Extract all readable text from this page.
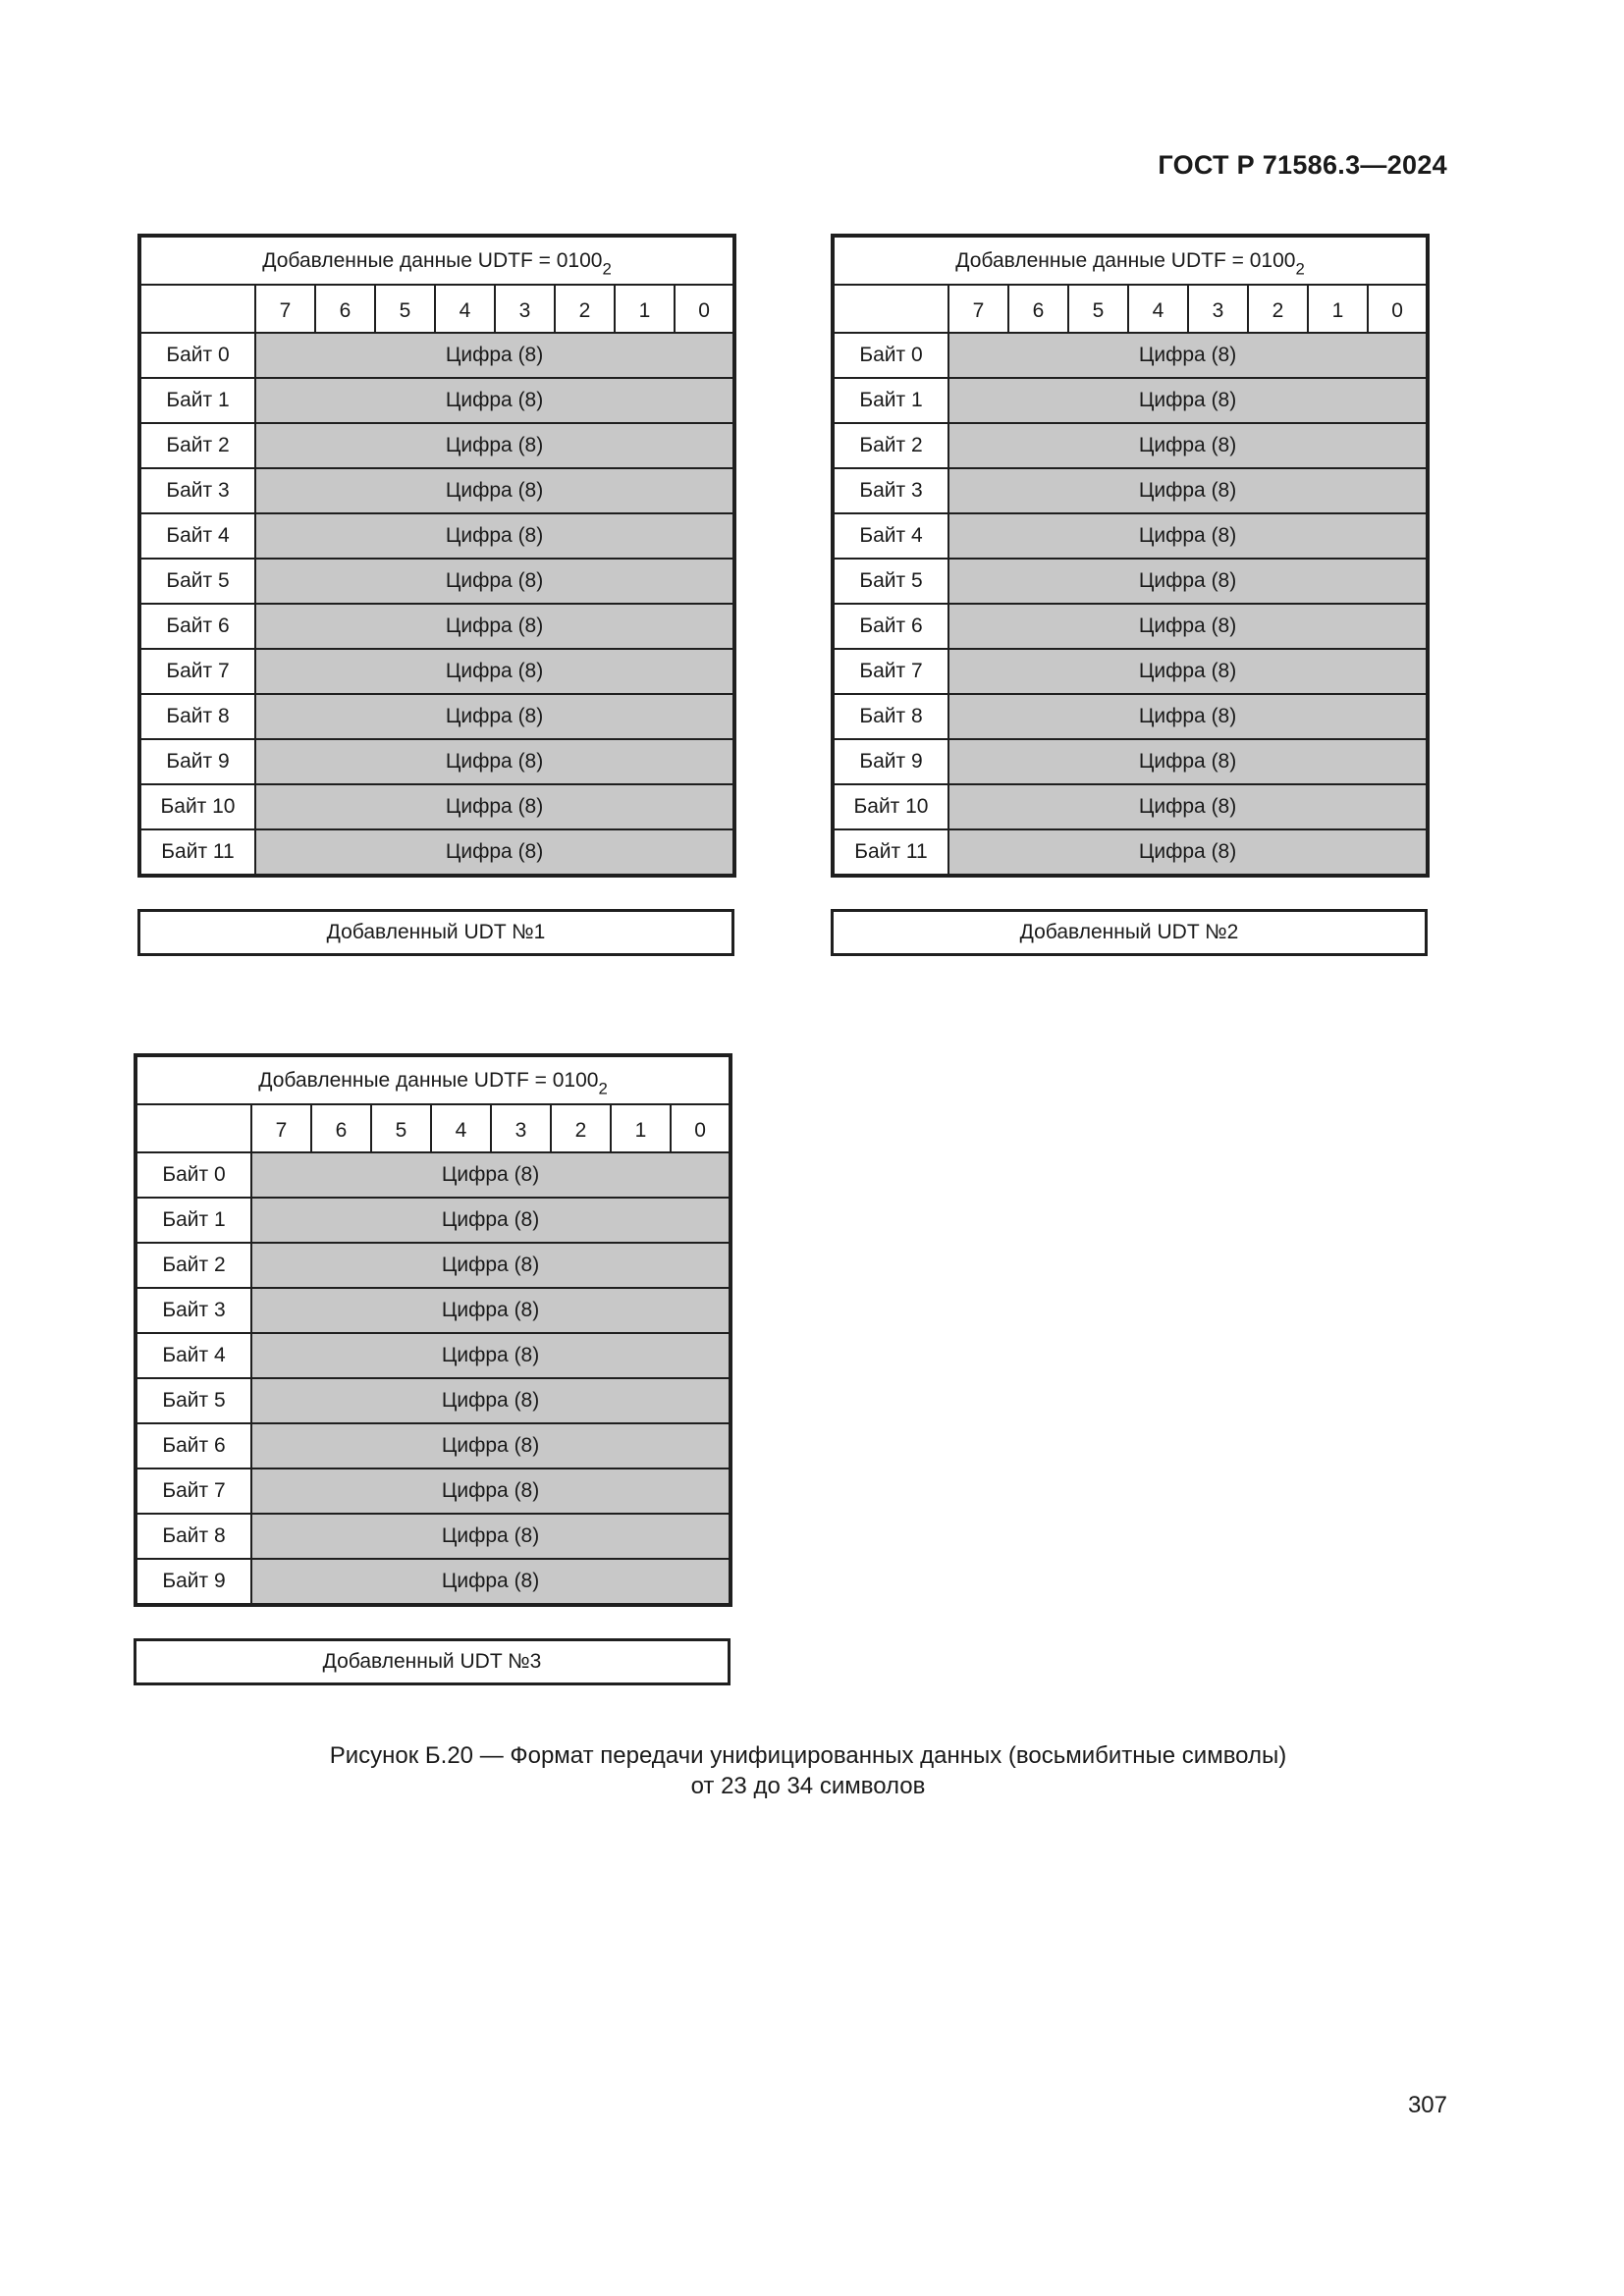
ГОСТ Р 71586.3—2024
Добавленные данные UDTF = $0100_2$
	7	6	5	4	3	2	1	0
Байт 0	Цифра (8)							
Байт 1	Цифра (8)							
Байт 2	Цифра (8)							
Байт 3	Цифра (8)							
Байт 4	Цифра (8)							
Байт 5	Цифра (8)							
Байт 6	Цифра (8)							
Байт 7	Цифра (8)							
Байт 8	Цифра (8)							
Байт 9	Цифра (8)							
Байт 10	Цифра (8)							
Байт 11	Цифра (8)							
Добавленный UDT №1
Добавленные данные UDTF = $0100_2$
	7	6	5	4	3	2	1	0
Байт 0	Цифра (8)							
Байт 1	Цифра (8)							
Байт 2	Цифра (8)							
Байт 3	Цифра (8)							
Байт 4	Цифра (8)							
Байт 5	Цифра (8)							
Байт 6	Цифра (8)							
Байт 7	Цифра (8)							
Байт 8	Цифра (8)							
Байт 9	Цифра (8)							
Байт 10	Цифра (8)							
Байт 11	Цифра (8)							
Добавленный UDT №2
Добавленные данные UDTF = $0100_2$
	7	6	5	4	3	2	1	0
Байт 0	Цифра (8)							
Байт 1	Цифра (8)							
Байт 2	Цифра (8)							
Байт 3	Цифра (8)							
Байт 4	Цифра (8)							
Байт 5	Цифра (8)							
Байт 6	Цифра (8)							
Байт 7	Цифра (8)							
Байт 8	Цифра (8)							
Байт 9	Цифра (8)							
Добавленный UDT №3
Рисунок Б.20 — Формат передачи унифицированных данных (восьмибитные символы)
от 23 до 34 символов
307
